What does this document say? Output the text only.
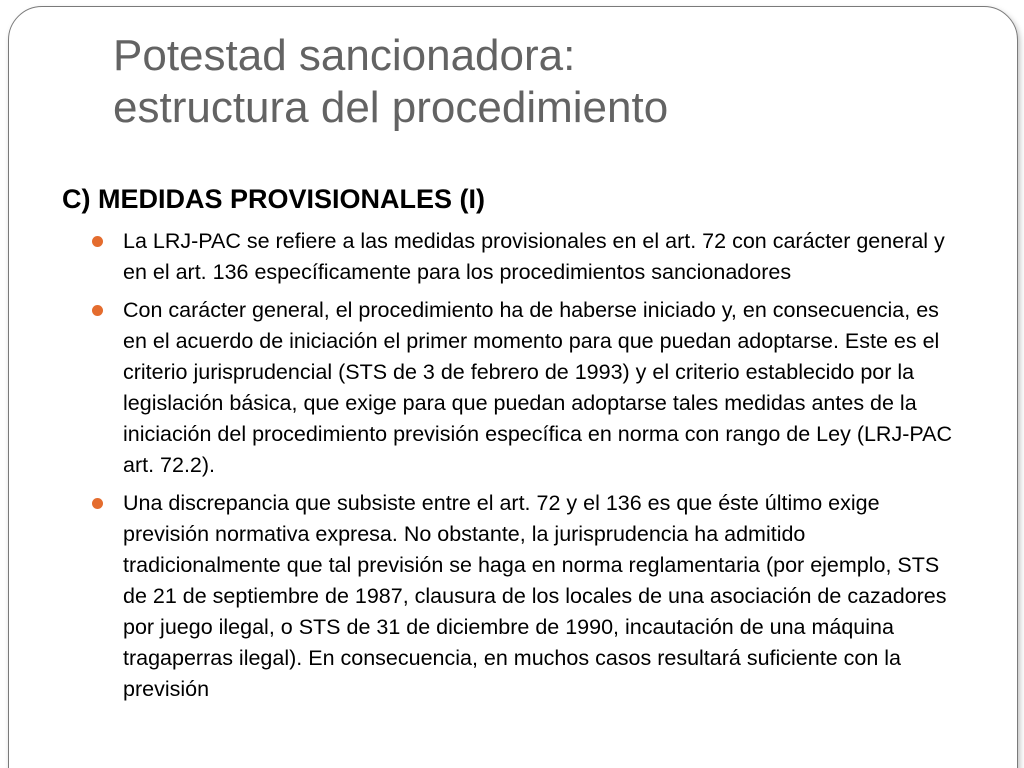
Potestad sancionadora:
estructura del procedimiento
C) MEDIDAS PROVISIONALES (I)
La LRJ-PAC se refiere a las medidas provisionales en el art. 72 con carácter general y en el art. 136 específicamente para los procedimientos sancionadores
Con carácter general, el procedimiento ha de haberse iniciado y, en consecuencia, es en el acuerdo de iniciación el primer momento para que puedan adoptarse. Este es el criterio jurisprudencial (STS de 3 de febrero de 1993) y el criterio establecido por la legislación básica, que exige para que puedan adoptarse tales medidas antes de la iniciación del procedimiento previsión específica en norma con rango de Ley (LRJ-PAC art. 72.2).
Una discrepancia que subsiste entre el art. 72 y el 136 es que éste último exige previsión normativa expresa. No obstante, la jurisprudencia ha admitido tradicionalmente que tal previsión se haga en norma reglamentaria (por ejemplo, STS de 21 de septiembre de 1987, clausura de los locales de una asociación de cazadores por juego ilegal, o STS de 31 de diciembre de 1990, incautación de una máquina tragaperras ilegal). En consecuencia, en muchos casos resultará suficiente con la previsión
